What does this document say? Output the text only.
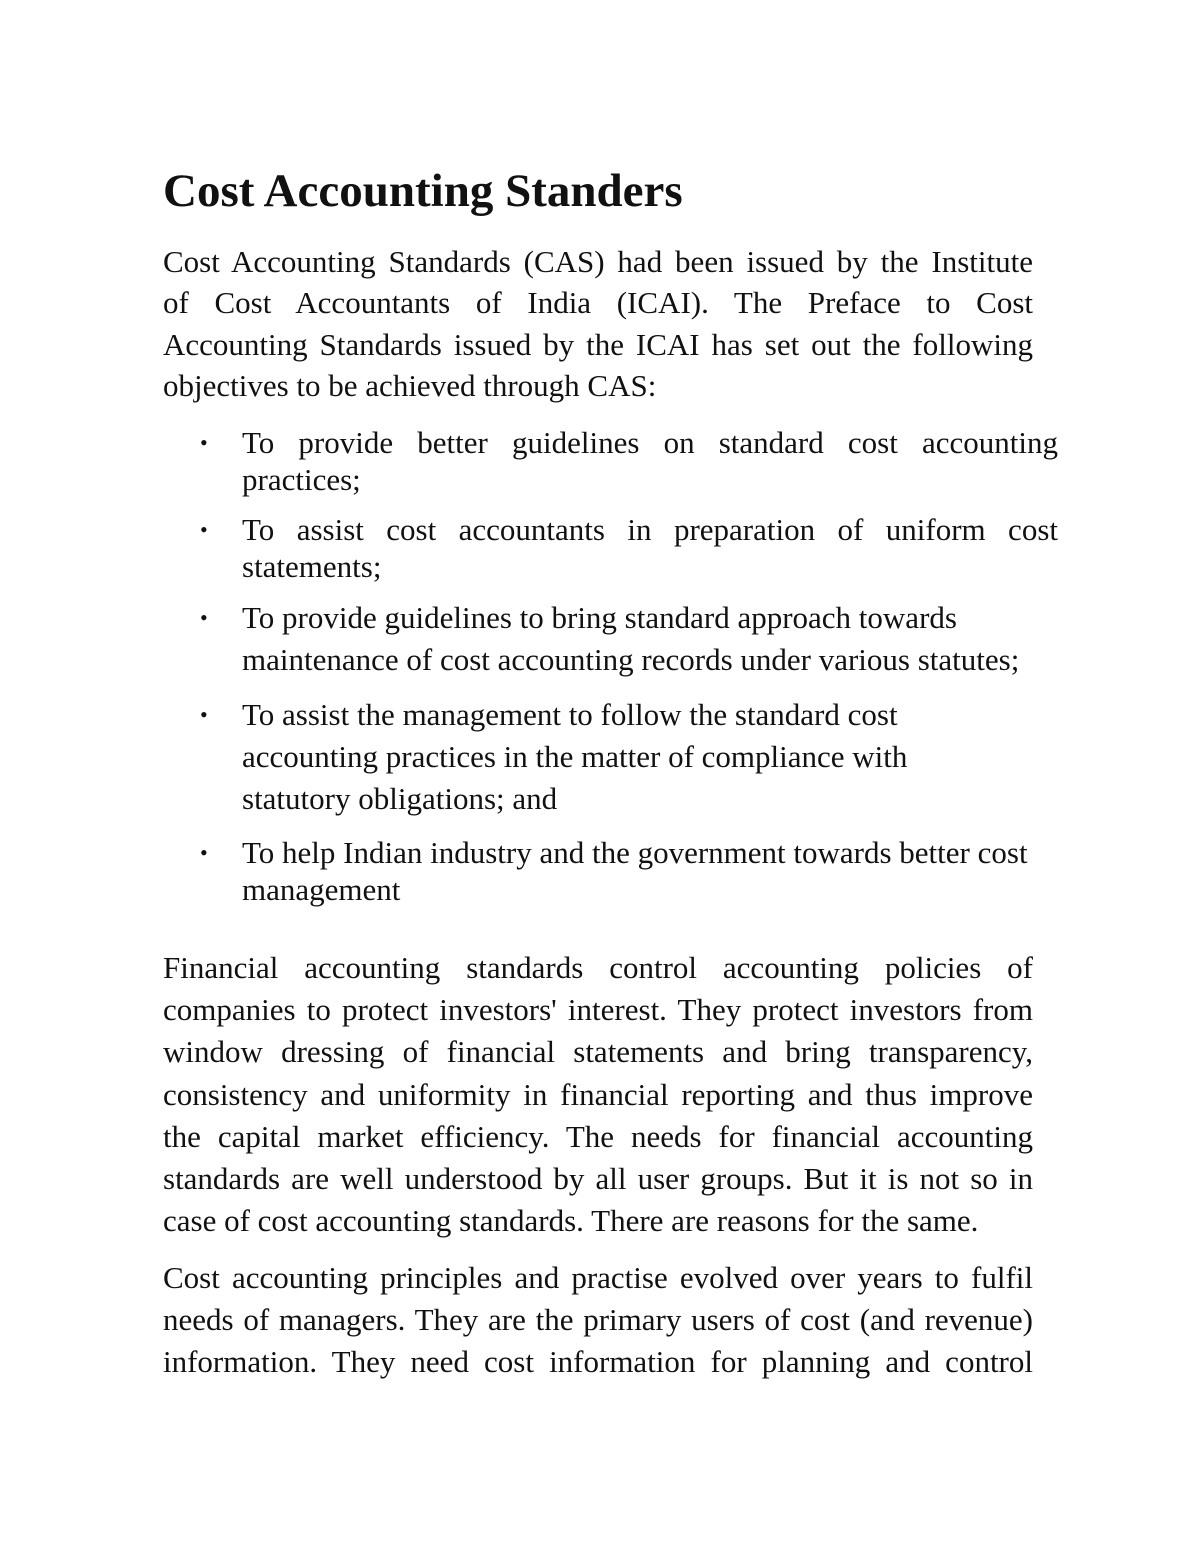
Cost Accounting Standers
Cost Accounting Standards (CAS) had been issued by the Institute
of Cost Accountants of India (ICAI). The Preface to Cost
Accounting Standards issued by the ICAI has set out the following
objectives to be achieved through CAS:
• To provide better guidelines on standard cost accounting
practices;
• To assist cost accountants in preparation of uniform cost
statements;
• To provide guidelines to bring standard approach towards
maintenance of cost accounting records under various statutes;
• To assist the management to follow the standard cost
accounting practices in the matter of compliance with
statutory obligations; and
• To help Indian industry and the government towards better cost
management
Financial accounting standards control accounting policies of
companies to protect investors' interest. They protect investors from
window dressing of financial statements and bring transparency,
consistency and uniformity in financial reporting and thus improve
the capital market efficiency. The needs for financial accounting
standards are well understood by all user groups. But it is not so in
case of cost accounting standards. There are reasons for the same.
Cost accounting principles and practise evolved over years to fulfil
needs of managers. They are the primary users of cost (and revenue)
information. They need cost information for planning and control
